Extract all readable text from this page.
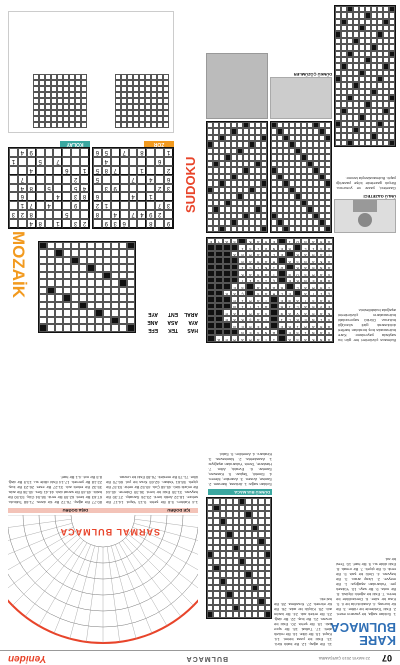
07
22 MAYIS 2019 ÇARŞAMBA
BULMACA
Yeniden
KARE
BULMACA
1. Soldan sağa, bir yazarın eseri. 2. Eski Türklerde bir rütbe. 3. Bir tür kumaş. 4. Anadolu'da bir il. 5. Kısa bir süre. 6. Denizcilikte bir terim. 7. Eski bir ağırlık ölçüsü. 8. Bir nota. 9. Bir sayı. 10. Yüksek yer. Yukarıdan aşağıya: 1. Bir meyve. 2. Uzay aracı. 3. Bir hayvan. 4. Ünlü bir şair. 5. Bir renk. 6. Bir çiçek. 7. Bir ırmak. 8. Eski dilde su. 9. Bir harf. 10. Tersi bir ad.
11. Bir ağaç. 12. Bir balık türü. 13. Eski bir para birimi. 14. Kayıt. 15. Bir ülke. 16. Bir müzik aleti. 17. Tutkal. 18. Bir spor dalı. 19. Bir şehir. 20. Eski bir unvan. 21. Bir kuş. 22. Bir dağ. 23. Bir erkek adı. 24. Bir kadın adı. 25. Küçük bir ada. 26. Bir tür ekmek. 27. Kısaltma. 28. Bir hal eki.
DÜNKÜ BULMACA
Soldan sağa: 1. Ankara, İtamam. 2. Sanise, Ansen. 3. Aramike, Meren. 4. Sinekli, Taşkar. 5. Karavan, Samtar. 6. Evralık, Altın. 7. Hastane, Tamir. Yukarıdan aşağıya: 1. Asaskehta. 2. Naniravas. 3. Kirakanı. 4. Ameklim. 5. Sakıl.
SARMAL BULMACA
İÇE DOĞRU
DIŞA DOĞRU
1-4 Kalıtım. 5-8 Bir şehir. 9-13 Yapıt. 14-17 Bir sebze. 18-22 Antik kent. 23-26 Sanatçı. 27-30 Bir hayvan. 31-35 Eski bir kent. 36-39 Ödeme. 40-44 Bir müzik türü. 45-48 Çok. 49-52 Bir nehir. 53-57 Bir çiçek. 58-61 Yaban. 62-65 Kısa bir yol. 66-70 Bir ülke. 71-75 Bir meslek. 76-80 Eski bir unvan.
80-77 Bir ağaç. 76-72 Bir tür dans. 71-68 Tutkulu. 67-63 Bir kent. 62-59 Bir renk. 58-54 Güç. 53-50 Bir balık. 49-45 Bir sanat dalı. 44-41 Ses. 40-36 Bir ada. 35-32 Bir erkek adı. 31-27 Bir eser. 26-23 Bir kuş. 22-18 Bir yemek. 17-14 Eski dilde su. 13-9 Bir dağ. 8-5 Bir not. 4-1 Bir harf.
Bulmaca çözümleri her gün bu sayfada yayımlanır. Kare bulmacada boş bırakılan harfleri doldurarak gizli sözcüğü bulunuz. Dünkü sayımızdaki bulmacaların çözümlerini aşağıda bulabilirsiniz.
A
N
K
A
S
A
İ
T
A
M
A
M
R
A
S
A
N
İ
S
E
A
N
S
E
N
A
R
A
M
İ
K
E
M
E
R
E
N
S
İ
N
E
K
L
İ
T
A
Ş
K
A
R
K
A
R
A
V
A
N
S
A
M
T
A
R
E
V
R
A
L
I
K
A
L
T
I
N
H
A
S
T
A
N
E
T
A
M
İ
R
Ç
İ
T
A
E
L
M
A
S
Ç
A
K
İ
H
M
A
L
K
A
R
A
S
E
A
B
E
N
K
E
Ç
İ
Ğ
İ
T
S
A
M
S
U
N
T
A
R
A
K
A
N
R
A
K
D
İ
K
İ
C
İ
A
K
A
N
S
A
M
A
H
A
R
T
A
H
A
K
E
L
H
A
M
R
A
A
S
I
L
K
E
N
D
İ
S
İ
A
R
A
N
D
İ
E
R
A
K
S
A
Y
E
HAS
AYA
ARAL
TEK
ASA
ENT
EFE
ANE
AYE
MOZAİK
ÜNLÜ GAZETECİ
Gazeteci, yazar ve yorumcu. Birçok gazetede köşe yazarlığı yaptı. Bulmacalarıyla tanınır.
DÜNKÜ ÇÖZÜMLER
SUDOKU
9
8
6
3
9
2
9
4
7
4
8
3
7
1
2
1
4
6
3
2
9
3
6
4
7
5
2
1
7
8
5
6
4
1
8
7
5
6
ZOR
2
3
1
8
4
5
8
2
3
9
4
7
1
8
3
4
6
4
5
5
8
4
2
7
1
6
4
7
5
1
9
4
KOLAY
